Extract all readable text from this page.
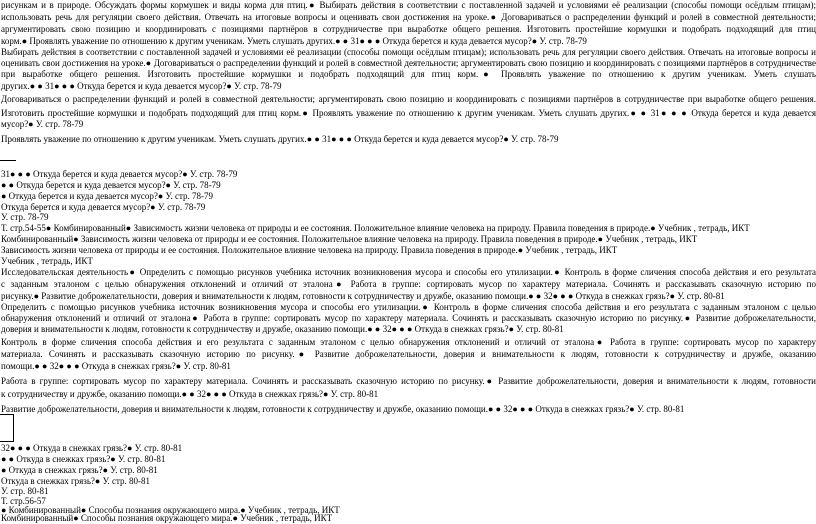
рисункам и в природе. Обсуждать формы кормушек и виды корма для птиц.● Выбирать действия в соответствии с поставленной задачей и условиями её реализации (способы помощи осёдлым птицам);
использовать речь для регуляции своего действия. Отвечать на итоговые вопросы и оценивать свои достижения на уроке.● Договариваться о распределении функций и ролей в совместной деятельности;
аргументировать свою позицию и координировать с позициями партнёров в сотрудничестве при выработке общего решения. Изготовить простейшие кормушки и подобрать подходящий для птиц
корм.● Проявлять уважение по отношению к другим ученикам. Уметь слушать других.● ● 31● ● ● Откуда берется и куда девается мусор?● У. стр. 78-79
Выбирать действия в соответствии с поставленной задачей и условиями её реализации (способы помощи осёдлым птицам); использовать речь для регуляции своего действия. Отвечать на итоговые вопросы и
оценивать свои достижения на уроке.● Договариваться о распределении функций и ролей в совместной деятельности; аргументировать свою позицию и координировать с позициями партнёров в сотрудничестве
при выработке общего решения. Изготовить простейшие кормушки и подобрать подходящий для птиц корм.● Проявлять уважение по отношению к другим ученикам. Уметь слушать
других.● ● 31● ● ● Откуда берется и куда девается мусор?● У. стр. 78-79
Договариваться о распределении функций и ролей в совместной деятельности; аргументировать свою позицию и координировать с позициями партнёров в сотрудничестве при выработке общего решения.
Изготовить простейшие кормушки и подобрать подходящий для птиц корм.● Проявлять уважение по отношению к другим ученикам. Уметь слушать других.● ● 31● ● ● Откуда берется и куда девается
мусор?● У. стр. 78-79
Проявлять уважение по отношению к другим ученикам. Уметь слушать других.● ● 31● ● ● Откуда берется и куда девается мусор?● У. стр. 78-79
31● ● ● Откуда берется и куда девается мусор?● У. стр. 78-79
● ● Откуда берется и куда девается мусор?● У. стр. 78-79
● Откуда берется и куда девается мусор?● У. стр. 78-79
Откуда берется и куда девается мусор?● У. стр. 78-79
У. стр. 78-79
Т. стр.54-55● Комбинированный● Зависимость жизни человека от природы и ее состояния. Положительное влияние человека на природу. Правила поведения в природе.● Учебник , тетрадь, ИКТ
Комбинированный● Зависимость жизни человека от природы и ее состояния. Положительное влияние человека на природу. Правила поведения в природе.● Учебник , тетрадь, ИКТ
Зависимость жизни человека от природы и ее состояния. Положительное влияние человека на природу. Правила поведения в природе.● Учебник , тетрадь, ИКТ
Учебник , тетрадь, ИКТ
Исследовательская деятельность● Определить с помощью рисунков учебника источник возникновения мусора и способы его утилизации.● Контроль в форме сличения способа действия и его результата
с заданным эталоном с целью обнаружения отклонений и отличий от эталона● Работа в группе: сортировать мусор по характеру материала. Сочинять и рассказывать сказочную историю по
рисунку.● Развитие доброжелательности, доверия и внимательности к людям, готовности к сотрудничеству и дружбе, оказанию помощи.● ● 32● ● ● Откуда в снежках грязь?● У. стр. 80-81
Определить с помощью рисунков учебника источник возникновения мусора и способы его утилизации.● Контроль в форме сличения способа действия и его результата с заданным эталоном с целью
обнаружения отклонений и отличий от эталона● Работа в группе: сортировать мусор по характеру материала. Сочинять и рассказывать сказочную историю по рисунку.● Развитие доброжелательности,
доверия и внимательности к людям, готовности к сотрудничеству и дружбе, оказанию помощи.● ● 32● ● ● Откуда в снежках грязь?● У. стр. 80-81
Контроль в форме сличения способа действия и его результата с заданным эталоном с целью обнаружения отклонений и отличий от эталона● Работа в группе: сортировать мусор по характеру
материала. Сочинять и рассказывать сказочную историю по рисунку.● Развитие доброжелательности, доверия и внимательности к людям, готовности к сотрудничеству и дружбе, оказанию
помощи.● ● 32● ● ● Откуда в снежках грязь?● У. стр. 80-81
Работа в группе: сортировать мусор по характеру материала. Сочинять и рассказывать сказочную историю по рисунку.● Развитие доброжелательности, доверия и внимательности к людям, готовности
к сотрудничеству и дружбе, оказанию помощи.● ● 32● ● ● Откуда в снежках грязь?● У. стр. 80-81
Развитие доброжелательности, доверия и внимательности к людям, готовности к сотрудничеству и дружбе, оказанию помощи.● ● 32● ● ● Откуда в снежках грязь?● У. стр. 80-81
32● ● ● Откуда в снежках грязь?● У. стр. 80-81
● ● Откуда в снежках грязь?● У. стр. 80-81
● Откуда в снежках грязь?● У. стр. 80-81
Откуда в снежках грязь?● У. стр. 80-81
У. стр. 80-81
Т. стр.56-57
● Комбинированный● Способы познания окружающего мира.● Учебник , тетрадь, ИКТ
Комбинированный● Способы познания окружающего мира.● Учебник , тетрадь, ИКТ
